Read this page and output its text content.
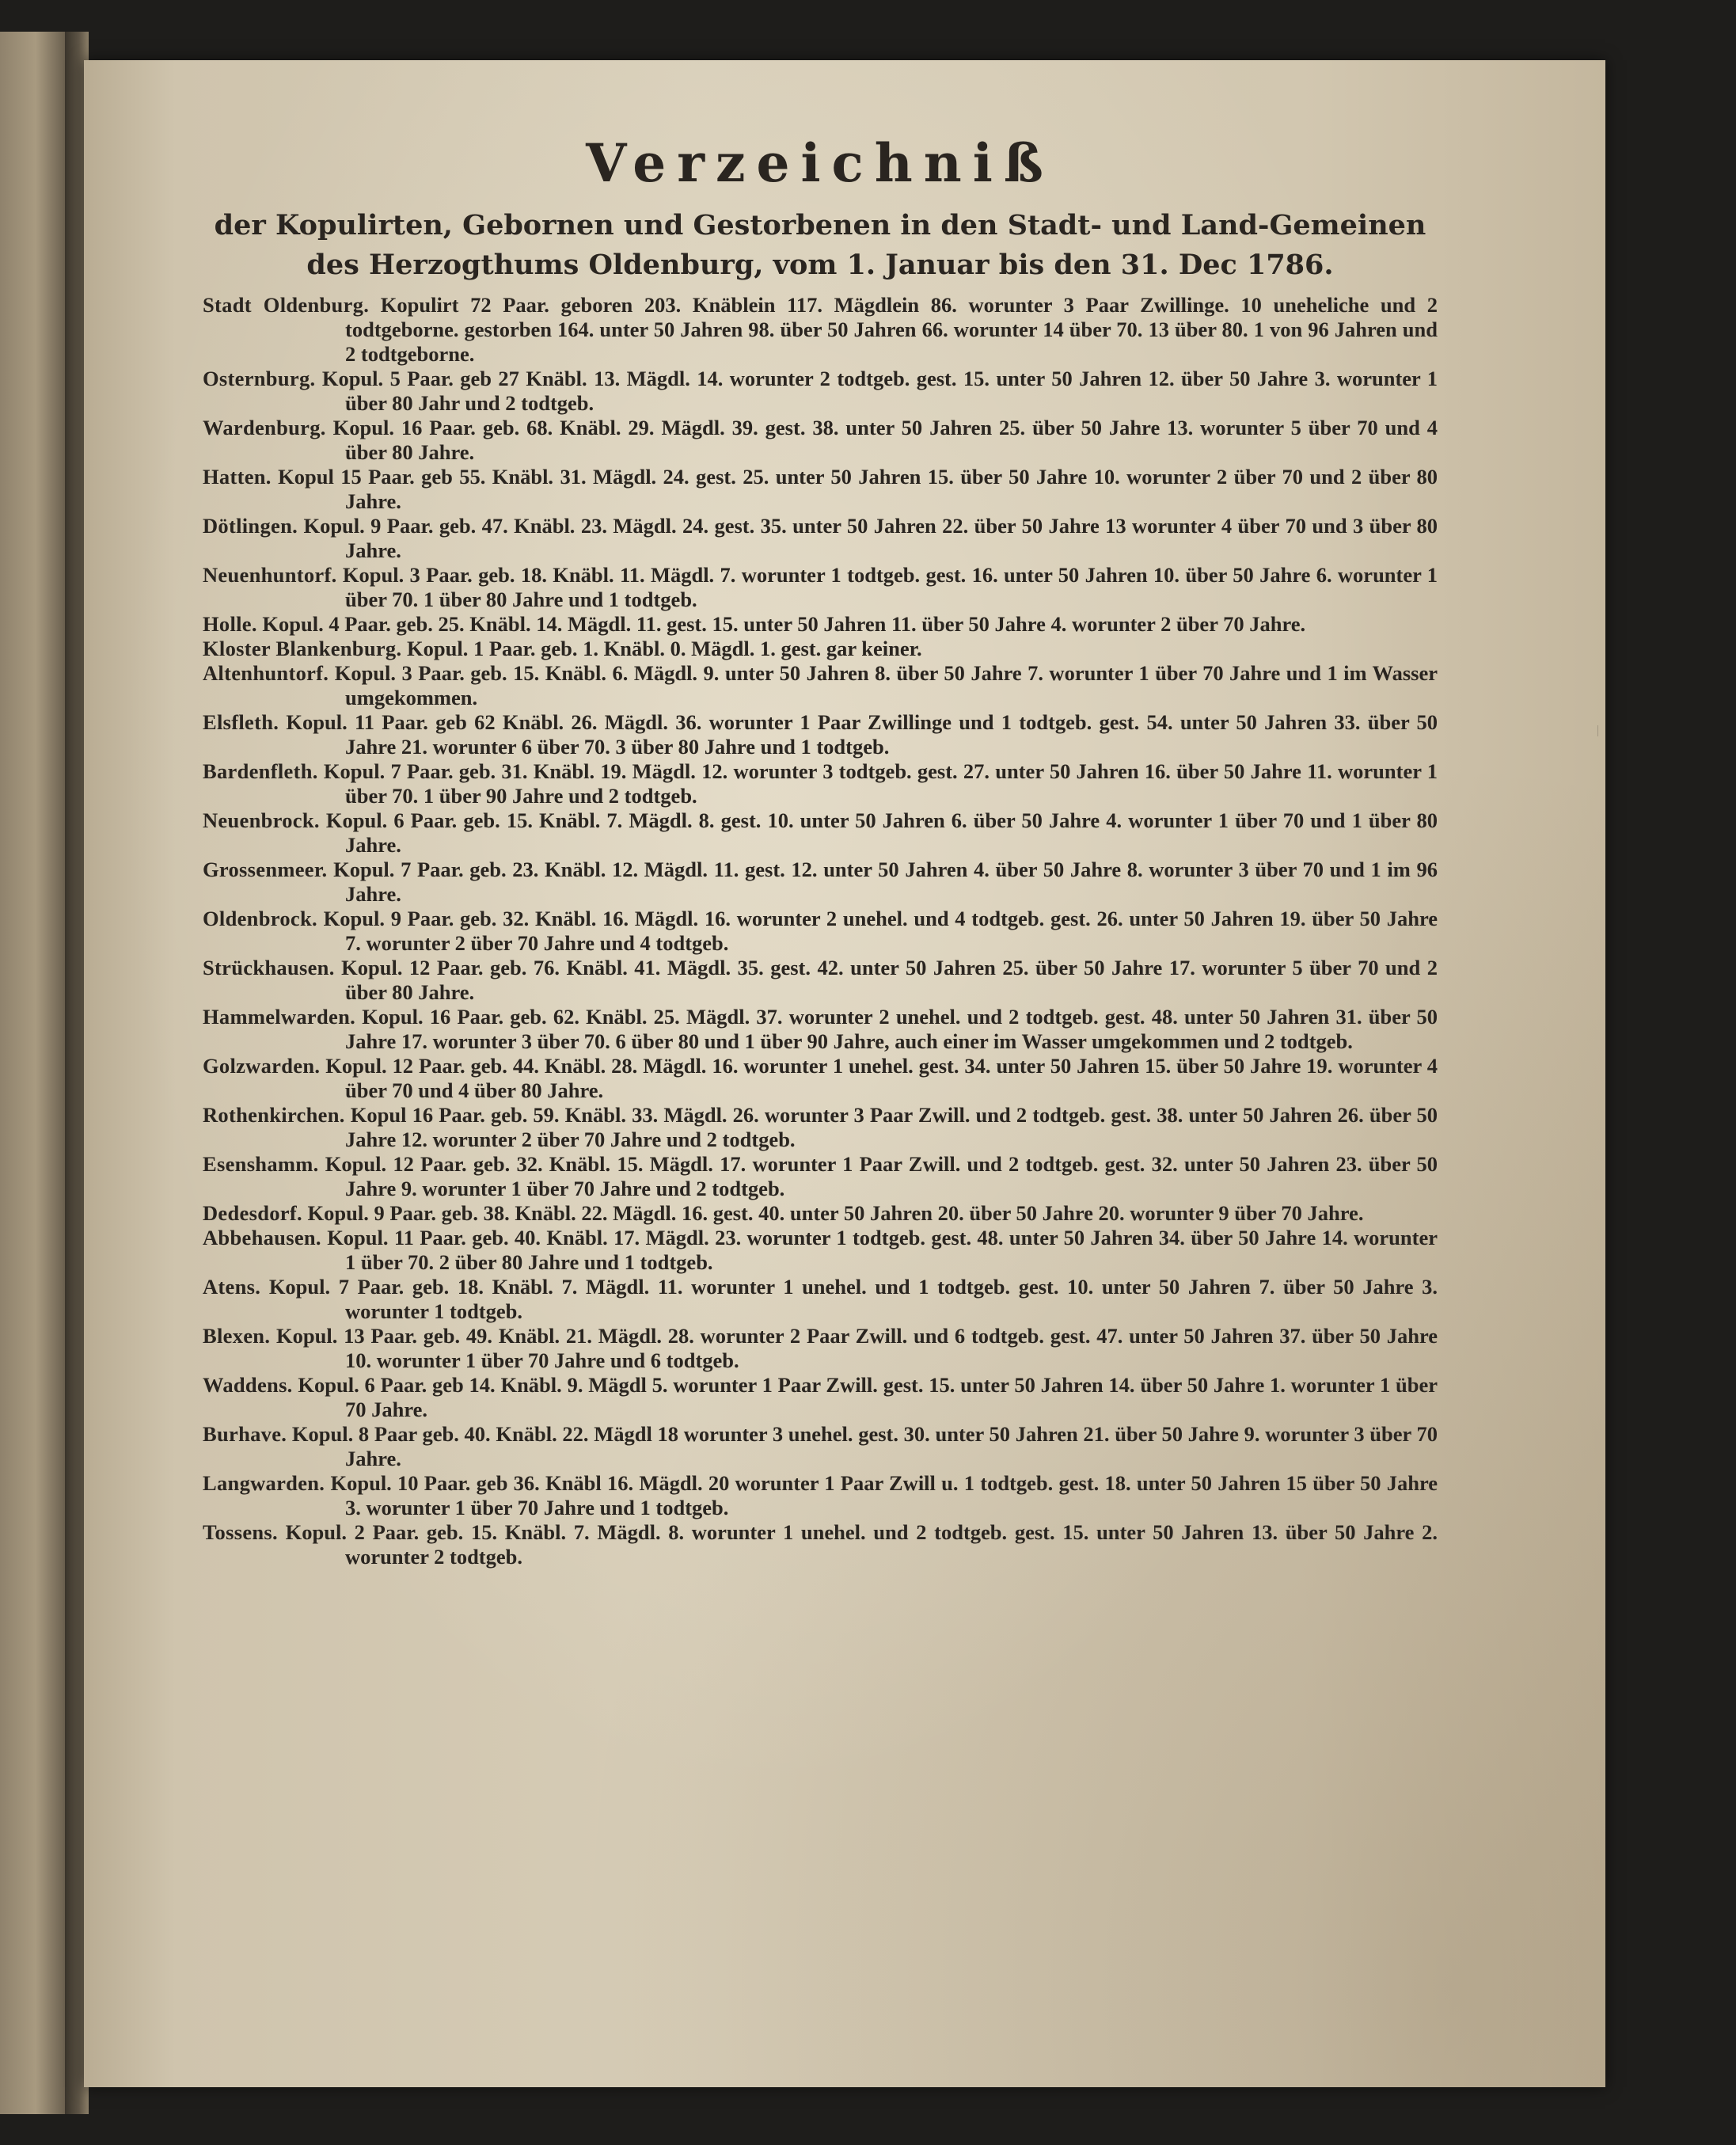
Verzeichniß

der Kopulirten, Gebornen und Gestorbenen in den Stadt- und Land-Gemeinen

des Herzogthums Oldenburg, vom 1. Januar bis den 31. Dec 1786.

Stadt Oldenburg. Kopulirt 72 Paar. geboren 203. Knäblein 117. Mägdlein 86. worunter 3 Paar Zwillinge. 10 uneheliche und 2 todtgeborne. gestorben 164. unter 50 Jahren 98. über 50 Jahren 66. worunter 14 über 70. 13 über 80. 1 von 96 Jahren und 2 todtgeborne.

Osternburg. Kopul. 5 Paar. geb 27 Knäbl. 13. Mägdl. 14. worunter 2 todtgeb. gest. 15. unter 50 Jahren 12. über 50 Jahre 3. worunter 1 über 80 Jahr und 2 todtgeb.

Wardenburg. Kopul. 16 Paar. geb. 68. Knäbl. 29. Mägdl. 39. gest. 38. unter 50 Jahren 25. über 50 Jahre 13. worunter 5 über 70 und 4 über 80 Jahre.

Hatten. Kopul 15 Paar. geb 55. Knäbl. 31. Mägdl. 24. gest. 25. unter 50 Jahren 15. über 50 Jahre 10. worunter 2 über 70 und 2 über 80 Jahre.

Dötlingen. Kopul. 9 Paar. geb. 47. Knäbl. 23. Mägdl. 24. gest. 35. unter 50 Jahren 22. über 50 Jahre 13 worunter 4 über 70 und 3 über 80 Jahre.

Neuenhuntorf. Kopul. 3 Paar. geb. 18. Knäbl. 11. Mägdl. 7. worunter 1 todtgeb. gest. 16. unter 50 Jahren 10. über 50 Jahre 6. worunter 1 über 70. 1 über 80 Jahre und 1 todtgeb.

Holle. Kopul. 4 Paar. geb. 25. Knäbl. 14. Mägdl. 11. gest. 15. unter 50 Jahren 11. über 50 Jahre 4. worunter 2 über 70 Jahre.

Kloster Blankenburg. Kopul. 1 Paar. geb. 1. Knäbl. 0. Mägdl. 1. gest. gar keiner.

Altenhuntorf. Kopul. 3 Paar. geb. 15. Knäbl. 6. Mägdl. 9. unter 50 Jahren 8. über 50 Jahre 7. worunter 1 über 70 Jahre und 1 im Wasser umgekommen.

Elsfleth. Kopul. 11 Paar. geb 62 Knäbl. 26. Mägdl. 36. worunter 1 Paar Zwillinge und 1 todtgeb. gest. 54. unter 50 Jahren 33. über 50 Jahre 21. worunter 6 über 70. 3 über 80 Jahre und 1 todtgeb.

Bardenfleth. Kopul. 7 Paar. geb. 31. Knäbl. 19. Mägdl. 12. worunter 3 todtgeb. gest. 27. unter 50 Jahren 16. über 50 Jahre 11. worunter 1 über 70. 1 über 90 Jahre und 2 todtgeb.

Neuenbrock. Kopul. 6 Paar. geb. 15. Knäbl. 7. Mägdl. 8. gest. 10. unter 50 Jahren 6. über 50 Jahre 4. worunter 1 über 70 und 1 über 80 Jahre.

Grossenmeer. Kopul. 7 Paar. geb. 23. Knäbl. 12. Mägdl. 11. gest. 12. unter 50 Jahren 4. über 50 Jahre 8. worunter 3 über 70 und 1 im 96 Jahre.

Oldenbrock. Kopul. 9 Paar. geb. 32. Knäbl. 16. Mägdl. 16. worunter 2 unehel. und 4 todtgeb. gest. 26. unter 50 Jahren 19. über 50 Jahre 7. worunter 2 über 70 Jahre und 4 todtgeb.

Strückhausen. Kopul. 12 Paar. geb. 76. Knäbl. 41. Mägdl. 35. gest. 42. unter 50 Jahren 25. über 50 Jahre 17. worunter 5 über 70 und 2 über 80 Jahre.

Hammelwarden. Kopul. 16 Paar. geb. 62. Knäbl. 25. Mägdl. 37. worunter 2 unehel. und 2 todtgeb. gest. 48. unter 50 Jahren 31. über 50 Jahre 17. worunter 3 über 70. 6 über 80 und 1 über 90 Jahre, auch einer im Wasser umgekommen und 2 todtgeb.

Golzwarden. Kopul. 12 Paar. geb. 44. Knäbl. 28. Mägdl. 16. worunter 1 unehel. gest. 34. unter 50 Jahren 15. über 50 Jahre 19. worunter 4 über 70 und 4 über 80 Jahre.

Rothenkirchen. Kopul 16 Paar. geb. 59. Knäbl. 33. Mägdl. 26. worunter 3 Paar Zwill. und 2 todtgeb. gest. 38. unter 50 Jahren 26. über 50 Jahre 12. worunter 2 über 70 Jahre und 2 todtgeb.

Esenshamm. Kopul. 12 Paar. geb. 32. Knäbl. 15. Mägdl. 17. worunter 1 Paar Zwill. und 2 todtgeb. gest. 32. unter 50 Jahren 23. über 50 Jahre 9. worunter 1 über 70 Jahre und 2 todtgeb.

Dedesdorf. Kopul. 9 Paar. geb. 38. Knäbl. 22. Mägdl. 16. gest. 40. unter 50 Jahren 20. über 50 Jahre 20. worunter 9 über 70 Jahre.

Abbehausen. Kopul. 11 Paar. geb. 40. Knäbl. 17. Mägdl. 23. worunter 1 todtgeb. gest. 48. unter 50 Jahren 34. über 50 Jahre 14. worunter 1 über 70. 2 über 80 Jahre und 1 todtgeb.

Atens. Kopul. 7 Paar. geb. 18. Knäbl. 7. Mägdl. 11. worunter 1 unehel. und 1 todtgeb. gest. 10. unter 50 Jahren 7. über 50 Jahre 3. worunter 1 todtgeb.

Blexen. Kopul. 13 Paar. geb. 49. Knäbl. 21. Mägdl. 28. worunter 2 Paar Zwill. und 6 todtgeb. gest. 47. unter 50 Jahren 37. über 50 Jahre 10. worunter 1 über 70 Jahre und 6 todtgeb.

Waddens. Kopul. 6 Paar. geb 14. Knäbl. 9. Mägdl 5. worunter 1 Paar Zwill. gest. 15. unter 50 Jahren 14. über 50 Jahre 1. worunter 1 über 70 Jahre.

Burhave. Kopul. 8 Paar geb. 40. Knäbl. 22. Mägdl 18 worunter 3 unehel. gest. 30. unter 50 Jahren 21. über 50 Jahre 9. worunter 3 über 70 Jahre.

Langwarden. Kopul. 10 Paar. geb 36. Knäbl 16. Mägdl. 20 worunter 1 Paar Zwill u. 1 todtgeb. gest. 18. unter 50 Jahren 15 über 50 Jahre 3. worunter 1 über 70 Jahre und 1 todtgeb.

Tossens. Kopul. 2 Paar. geb. 15. Knäbl. 7. Mägdl. 8. worunter 1 unehel. und 2 todtgeb. gest. 15. unter 50 Jahren 13. über 50 Jahre 2. worunter 2 todtgeb.
